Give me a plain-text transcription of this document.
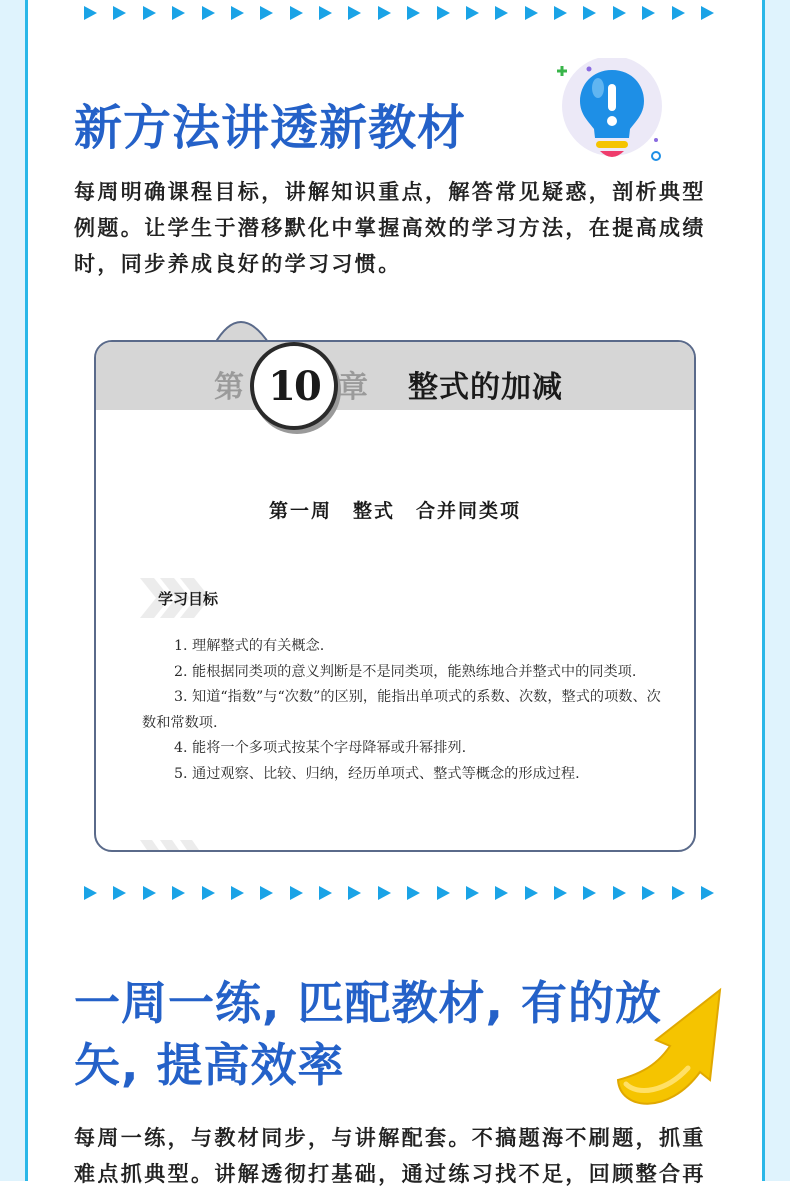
新方法讲透新教材

每周明确课程目标，讲解知识重点，解答常见疑惑，剖析典型例题。让学生于潜移默化中掌握高效的学习方法，在提高成绩时，同步养成良好的学习习惯。

第 10 章 整式的加减
第一周　整式　合并同类项
学习目标
1. 理解整式的有关概念.
2. 能根据同类项的意义判断是不是同类项，能熟练地合并整式中的同类项.
3. 知道“指数”与“次数”的区别，能指出单项式的系数、次数，整式的项数、次数和常数项.
4. 能将一个多项式按某个字母降幂或升幂排列.
5. 通过观察、比较、归纳，经历单项式、整式等概念的形成过程.
一周一练, 匹配教材, 有的放
矢, 提高效率

每周一练，与教材同步，与讲解配套。不搞题海不刷题，抓重难点抓典型。讲解透彻打基础，通过练习找不足，回顾整合再
